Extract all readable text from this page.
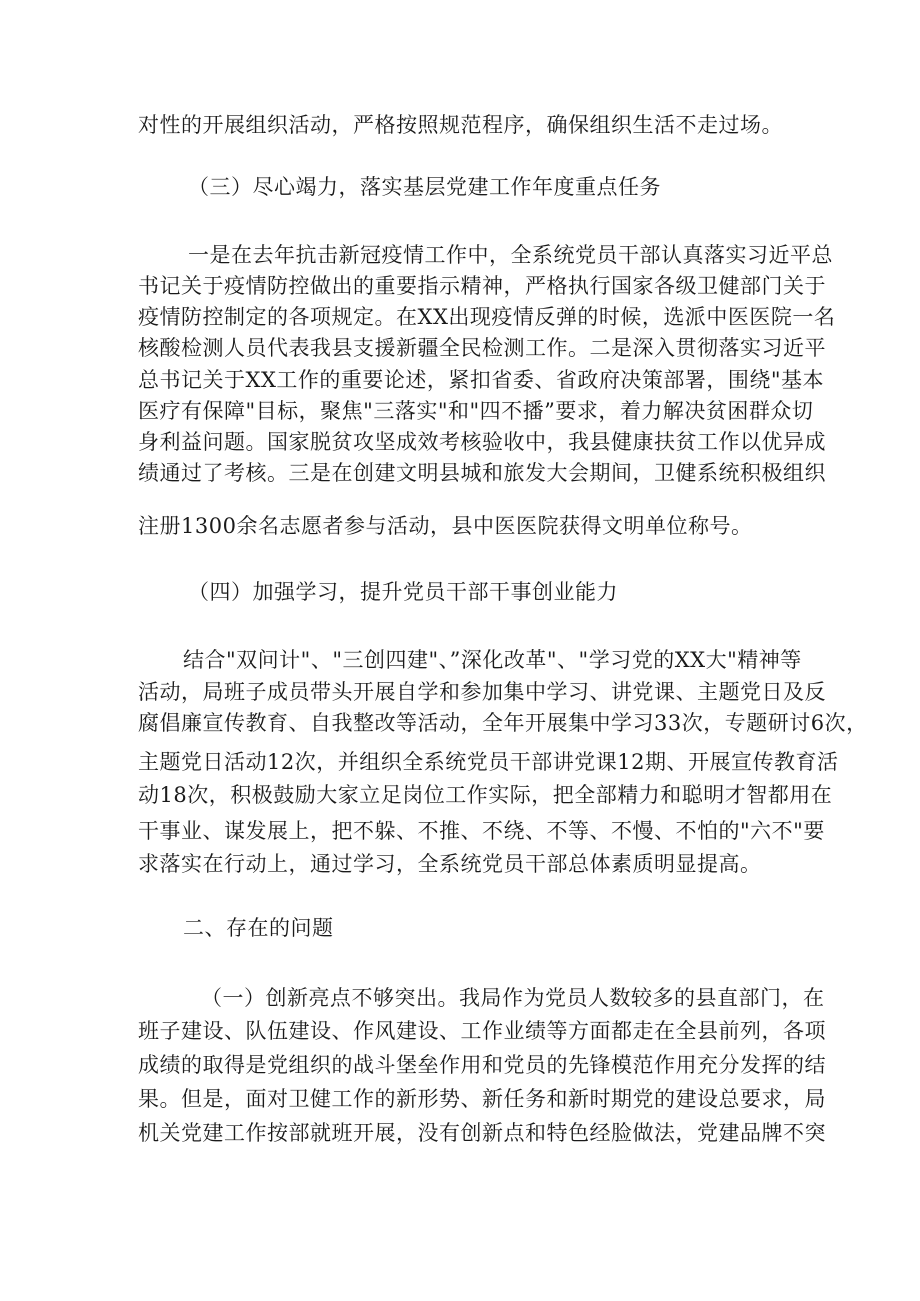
对性的开展组织活动，严格按照规范程序，确保组织生活不走过场。
（三）尽心竭力，落实基层党建工作年度重点任务
一是在去年抗击新冠疫情工作中，全系统党员干部认真落实习近平总
书记关于疫情防控做出的重要指示精神，严格执行国家各级卫健部门关于
疫情防控制定的各项规定。在XX出现疫情反弹的时候，选派中医医院一名
核酸检测人员代表我县支援新疆全民检测工作。二是深入贯彻落实习近平
总书记关于XX工作的重要论述，紧扣省委、省政府决策部署，围绕"基本
医疗有保障"目标，聚焦"三落实"和"四不播”要求，着力解决贫困群众切
身利益问题。国家脱贫攻坚成效考核验收中，我县健康扶贫工作以优异成
绩通过了考核。三是在创建文明县城和旅发大会期间，卫健系统积极组织
注册1300余名志愿者参与活动，县中医医院获得文明单位称号。
（四）加强学习，提升党员干部干事创业能力
结合"双问计"、"三创四建"、”深化改革"、"学习党的XX大"精神等
活动，局班子成员带头开展自学和参加集中学习、讲党课、主题党日及反
腐倡廉宣传教育、自我整改等活动，全年开展集中学习33次，专题研讨6次，
主题党日活动12次，并组织全系统党员干部讲党课12期、开展宣传教育活
动18次，积极鼓励大家立足岗位工作实际，把全部精力和聪明才智都用在
干事业、谋发展上，把不躲、不推、不绕、不等、不慢、不怕的"六不"要
求落实在行动上，通过学习，全系统党员干部总体素质明显提高。
二、存在的问题
（一）创新亮点不够突出。我局作为党员人数较多的县直部门，在
班子建设、队伍建设、作风建设、工作业绩等方面都走在全县前列，各项
成绩的取得是党组织的战斗堡垒作用和党员的先锋模范作用充分发挥的结
果。但是，面对卫健工作的新形势、新任务和新时期党的建设总要求，局
机关党建工作按部就班开展，没有创新点和特色经脸做法，党建品牌不突
